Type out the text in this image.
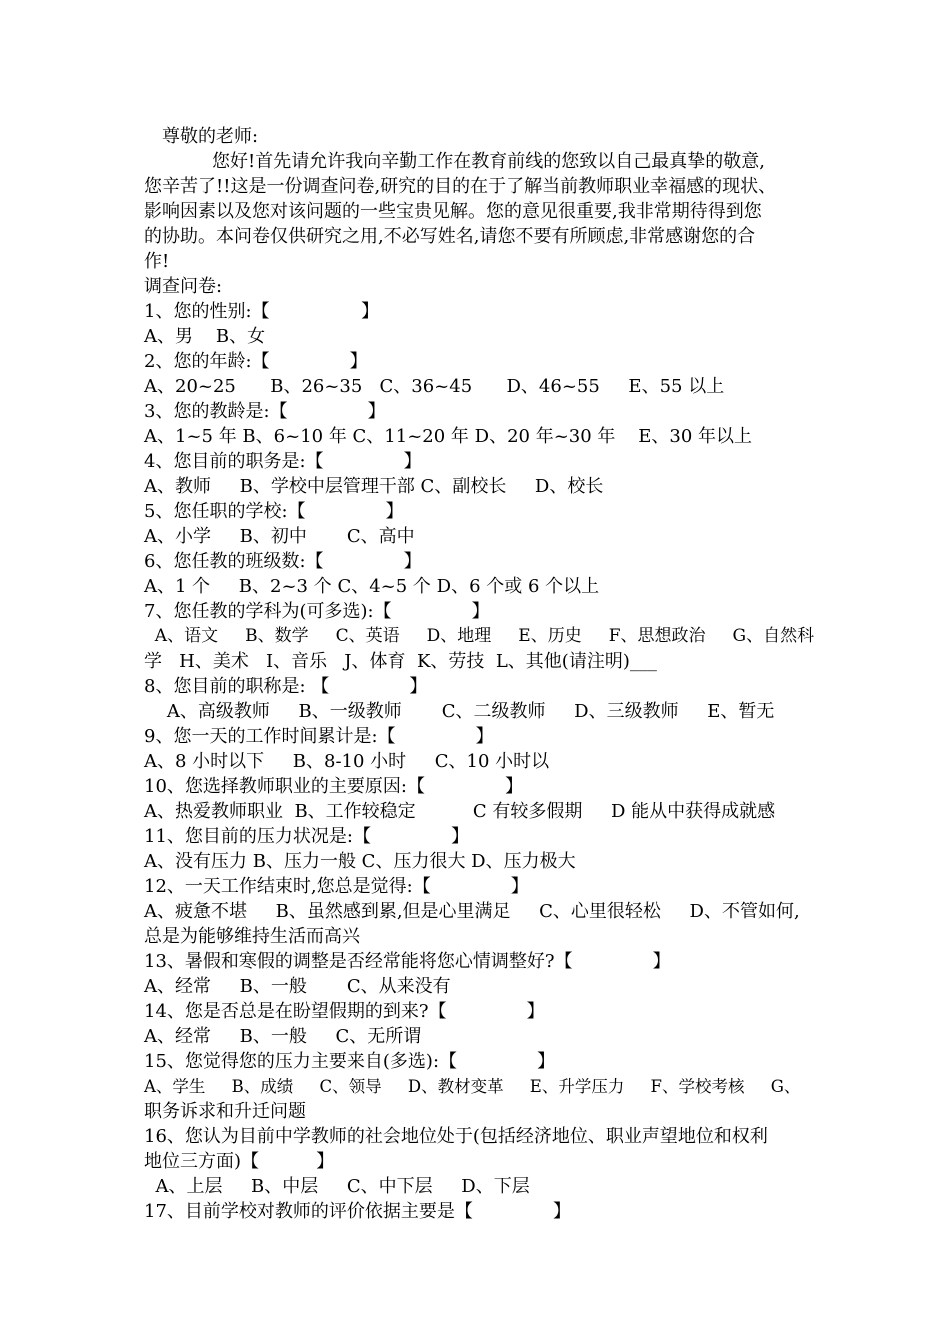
尊敬的老师:
您好!首先请允许我向辛勤工作在教育前线的您致以自己最真挚的敬意,
您辛苦了!!这是一份调查问卷,研究的目的在于了解当前教师职业幸福感的现状、
影响因素以及您对该问题的一些宝贵见解。您的意见很重要,我非常期待得到您
的协助。本问卷仅供研究之用,不必写姓名,请您不要有所顾虑,非常感谢您的合
作!
调查问卷:
1、您的性别:【                】
A、男    B、女
2、您的年龄:【              】
A、20~25      B、26~35   C、36~45      D、46~55     E、55 以上
3、您的教龄是:【              】
A、1~5 年 B、6~10 年 C、11~20 年 D、20 年~30 年    E、30 年以上
4、您目前的职务是:【              】
A、教师     B、学校中层管理干部 C、副校长     D、校长
5、您任职的学校:【              】
A、小学     B、初中       C、高中
6、您任教的班级数:【              】
A、1 个     B、2~3 个 C、4~5 个 D、6 个或 6 个以上
7、您任教的学科为(可多选):【              】
A、语文     B、数学     C、英语     D、地理     E、历史     F、思想政治     G、自然科
学   H、美术   I、音乐   J、体育  K、劳技  L、其他(请注明)___
8、您目前的职称是: 【              】
A、高级教师     B、一级教师       C、二级教师     D、三级教师     E、暂无
9、您一天的工作时间累计是:【              】
A、8 小时以下     B、8-10 小时     C、10 小时以
10、您选择教师职业的主要原因:【              】
A、热爱教师职业  B、工作较稳定          C 有较多假期     D 能从中获得成就感
11、您目前的压力状况是:【              】
A、没有压力 B、压力一般 C、压力很大 D、压力极大
12、一天工作结束时,您总是觉得:【              】
A、疲惫不堪     B、虽然感到累,但是心里满足     C、心里很轻松     D、不管如何,
总是为能够维持生活而高兴
13、暑假和寒假的调整是否经常能将您心情调整好?【              】
A、经常     B、一般       C、从来没有
14、您是否总是在盼望假期的到来?【              】
A、经常     B、一般     C、无所谓
15、您觉得您的压力主要来自(多选):【              】
A、学生     B、成绩     C、领导     D、教材变革     E、升学压力     F、学校考核     G、
职务诉求和升迁问题
16、您认为目前中学教师的社会地位处于(包括经济地位、职业声望地位和权利
地位三方面)【          】
A、上层     B、中层     C、中下层     D、下层
17、目前学校对教师的评价依据主要是【              】
